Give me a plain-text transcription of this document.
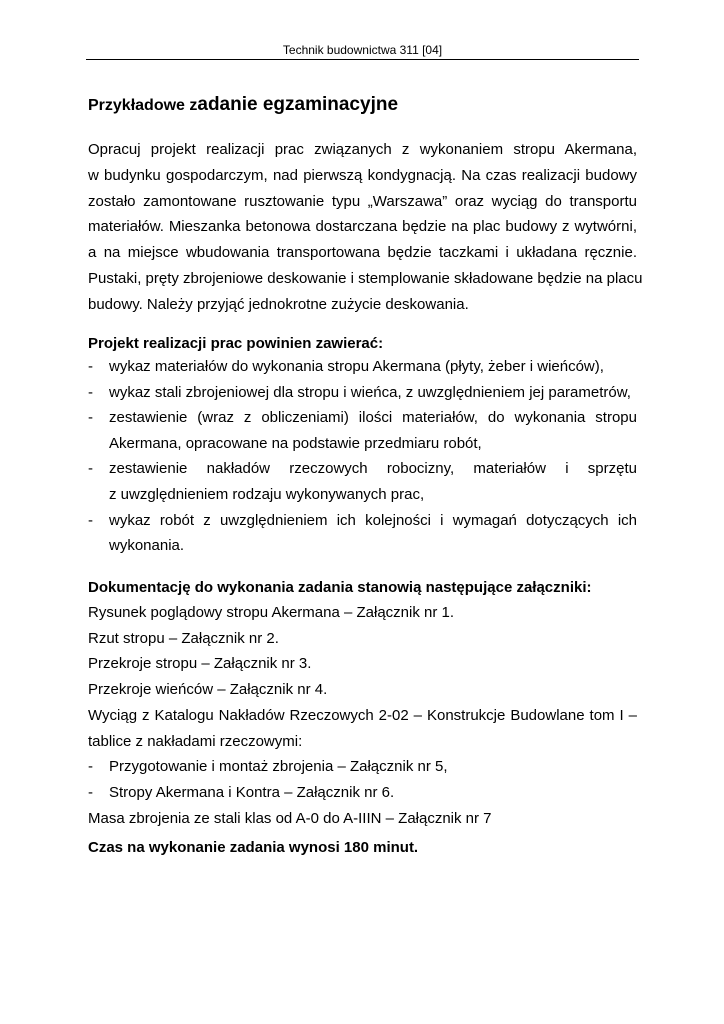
Technik budownictwa 311 [04]
Przykładowe zadanie egzaminacyjne
Opracuj projekt realizacji prac związanych z wykonaniem stropu Akermana,
w budynku gospodarczym, nad pierwszą kondygnacją. Na czas realizacji budowy
zostało zamontowane rusztowanie typu „Warszawa” oraz wyciąg do transportu
materiałów. Mieszanka betonowa dostarczana będzie na plac budowy z wytwórni,
a na miejsce wbudowania transportowana będzie taczkami i układana ręcznie.
Pustaki, pręty zbrojeniowe deskowanie i stemplowanie składowane będzie na placu
budowy. Należy przyjąć jednokrotne zużycie deskowania.
Projekt realizacji prac powinien zawierać:
- wykaz materiałów do wykonania stropu Akermana (płyty, żeber i wieńców),
- wykaz stali zbrojeniowej dla stropu i wieńca, z uwzględnieniem jej parametrów,
- zestawienie (wraz z obliczeniami) ilości materiałów, do wykonania stropu
Akermana, opracowane na podstawie przedmiaru robót,
- zestawienie nakładów rzeczowych robocizny, materiałów i sprzętu
z uwzględnieniem rodzaju wykonywanych prac,
- wykaz robót z uwzględnieniem ich kolejności i wymagań dotyczących ich
wykonania.
Dokumentację do wykonania zadania stanowią następujące załączniki:
Rysunek poglądowy stropu Akermana – Załącznik nr 1.
Rzut stropu – Załącznik nr 2.
Przekroje stropu – Załącznik nr 3.
Przekroje wieńców – Załącznik nr 4.
Wyciąg z Katalogu Nakładów Rzeczowych 2-02 – Konstrukcje Budowlane tom I –
tablice z nakładami rzeczowymi:
- Przygotowanie i montaż zbrojenia – Załącznik nr 5,
- Stropy Akermana i Kontra – Załącznik nr 6.
Masa zbrojenia ze stali klas od A-0 do A-IIIN – Załącznik nr 7
Czas na wykonanie zadania wynosi 180 minut.
